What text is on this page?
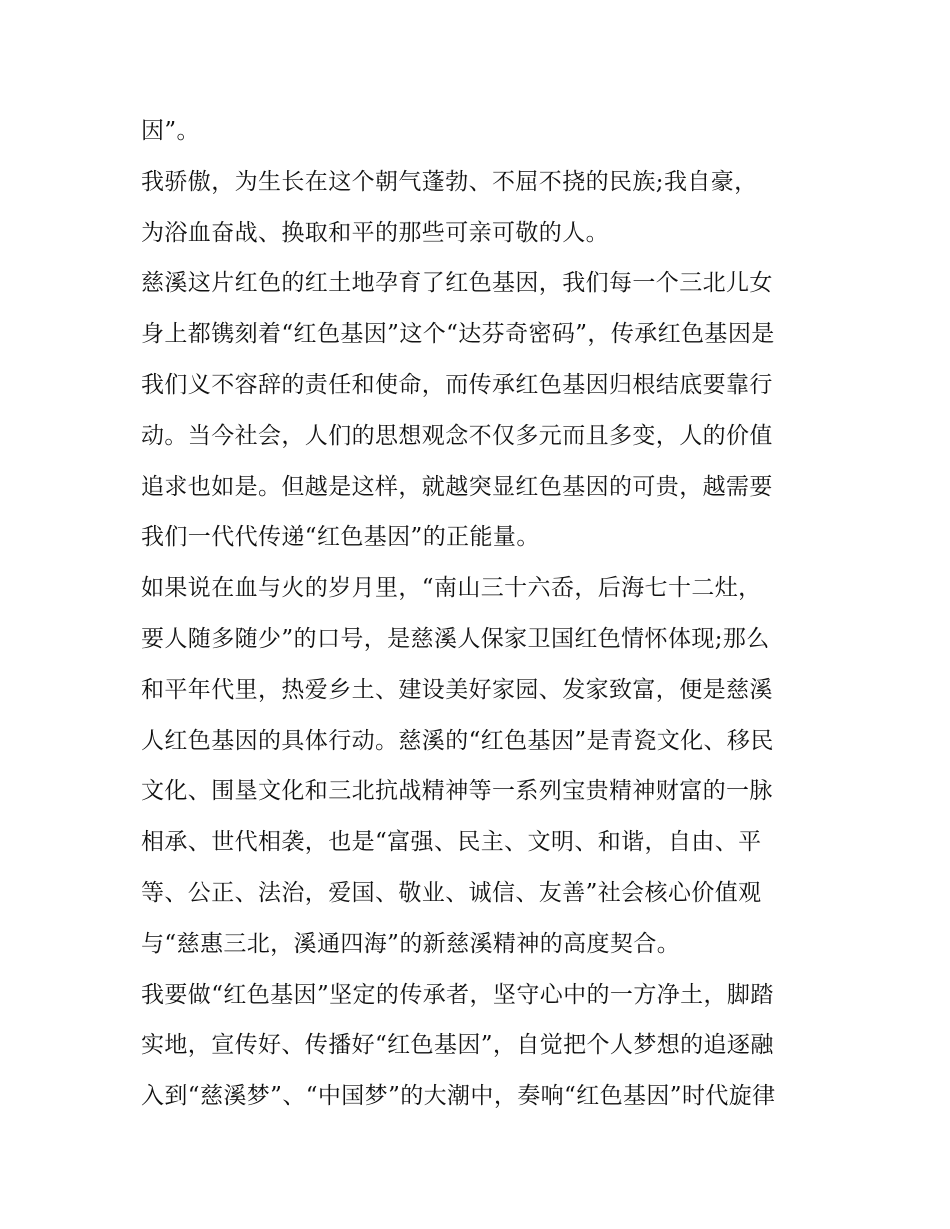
因”。

我骄傲，为生长在这个朝气蓬勃、不屈不挠的民族;我自豪，

为浴血奋战、换取和平的那些可亲可敬的人。

慈溪这片红色的红土地孕育了红色基因，我们每一个三北儿女

身上都镌刻着“红色基因”这个“达芬奇密码”，传承红色基因是

我们义不容辞的责任和使命，而传承红色基因归根结底要靠行

动。当今社会，人们的思想观念不仅多元而且多变，人的价值

追求也如是。但越是这样，就越突显红色基因的可贵，越需要

我们一代代传递“红色基因”的正能量。

如果说在血与火的岁月里，“南山三十六岙，后海七十二灶，

要人随多随少”的口号，是慈溪人保家卫国红色情怀体现;那么

和平年代里，热爱乡土、建设美好家园、发家致富，便是慈溪

人红色基因的具体行动。慈溪的“红色基因”是青瓷文化、移民

文化、围垦文化和三北抗战精神等一系列宝贵精神财富的一脉

相承、世代相袭，也是“富强、民主、文明、和谐，自由、平

等、公正、法治，爱国、敬业、诚信、友善”社会核心价值观

与“慈惠三北，溪通四海”的新慈溪精神的高度契合。

我要做“红色基因”坚定的传承者，坚守心中的一方净土，脚踏

实地，宣传好、传播好“红色基因”，自觉把个人梦想的追逐融

入到“慈溪梦”、“中国梦”的大潮中，奏响“红色基因”时代旋律
